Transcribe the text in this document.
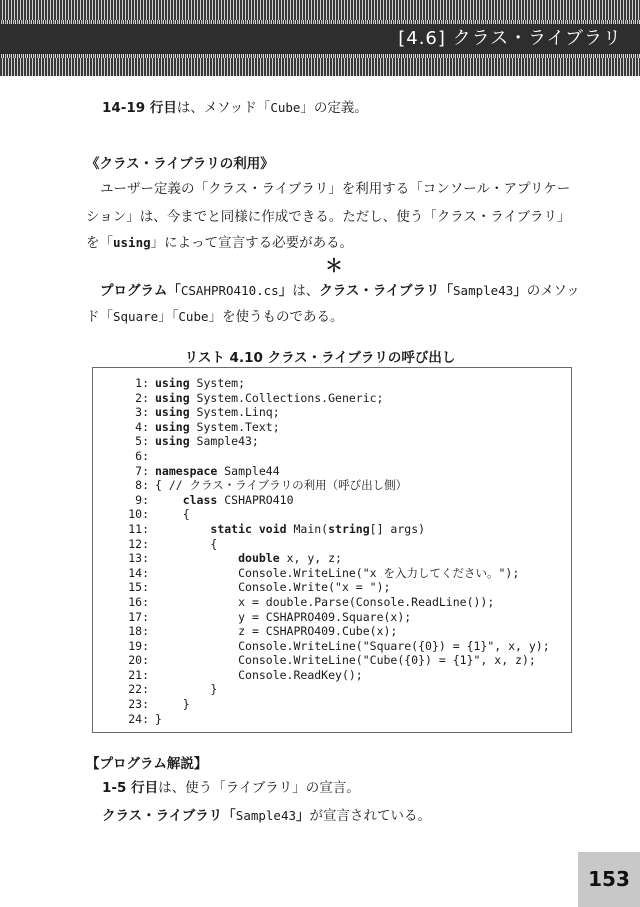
[4.6] クラス・ライブラリ

14-19 行目は、メソッド「Cube」の定義。

《クラス・ライブラリの利用》

ユーザー定義の「クラス・ライブラリ」を利用する「コンソール・アプリケー

ション」は、今までと同様に作成できる。ただし、使う「クラス・ライブラリ」

を「using」によって宣言する必要がある。

＊

プログラム「CSAHPRO410.cs」は、クラス・ライブラリ「Sample43」のメソッ

ド「Square」「Cube」を使うものである。

リスト 4.10 クラス・ライブラリの呼び出し
1: using System;
2: using System.Collections.Generic;
3: using System.Linq;
4: using System.Text;
5: using Sample43;
6:
7: namespace Sample44
8: { // クラス・ライブラリの利用（呼び出し側）
9:	class CSHAPRO410
10:	{
11:	static void Main(string[] args)
12:	{
13:	double x, y, z;
14:	Console.WriteLine("x を入力してください。");
15:	Console.Write("x = ");
16:	x = double.Parse(Console.ReadLine());
17:	y = CSHAPRO409.Square(x);
18:	z = CSHAPRO409.Cube(x);
19:	Console.WriteLine("Square({0}) = {1}", x, y);
20:	Console.WriteLine("Cube({0}) = {1}", x, z);
21:	Console.ReadKey();
22:	}
23:	}
24: }
【プログラム解説】

1-5 行目は、使う「ライブラリ」の宣言。

クラス・ライブラリ「Sample43」が宣言されている。

153
